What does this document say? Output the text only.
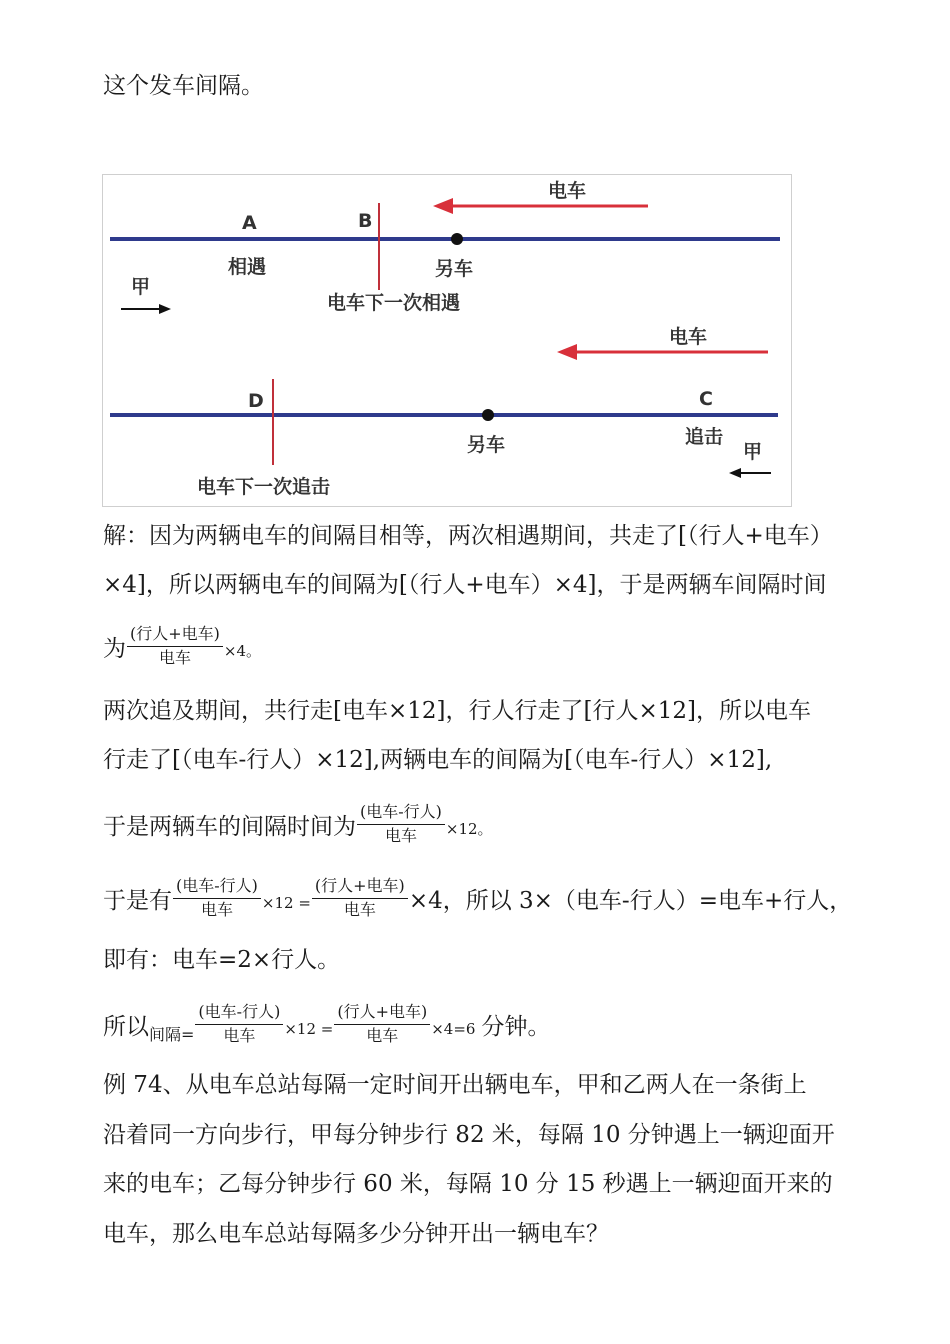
这个发车间隔。
电车
A	B
相遇	另车
电车下一次相遇
甲
电车
D
另车
C
追击
甲
电车下一次追击
解：因为两辆电车的间隔目相等，两次相遇期间，共走了[（行人+电车）
×4]，所以两辆电车的间隔为[（行人+电车）×4]，于是两辆车间隔时间
为 $\frac{\text{(行人+电车)}}{\text{电车}} \times 4$。
两次追及期间，共行走[电车×12]，行人行走了[行人×12]，所以电车
行走了[（电车-行人）×12],两辆电车的间隔为[（电车-行人）×12],
于是两辆车的间隔时间为 $\frac{\text{(电车-行人)}}{\text{电车}} \times 12$。
于是有 $\frac{\text{(电车-行人)}}{\text{电车}} \times 12 = \frac{\text{(行人+电车)}}{\text{电车}} \times 4$，所以 3×（电车-行人）=电车+行人，
即有：电车=2×行人。
所以$_{间隔=} \frac{\text{(电车-行人)}}{\text{电车}} \times 12 = \frac{\text{(行人+电车)}}{\text{电车}} \times 4=6$ 分钟。
例 74、从电车总站每隔一定时间开出辆电车，甲和乙两人在一条街上
沿着同一方向步行，甲每分钟步行 82 米，每隔 10 分钟遇上一辆迎面开
来的电车；乙每分钟步行 60 米，每隔 10 分 15 秒遇上一辆迎面开来的
电车，那么电车总站每隔多少分钟开出一辆电车？
